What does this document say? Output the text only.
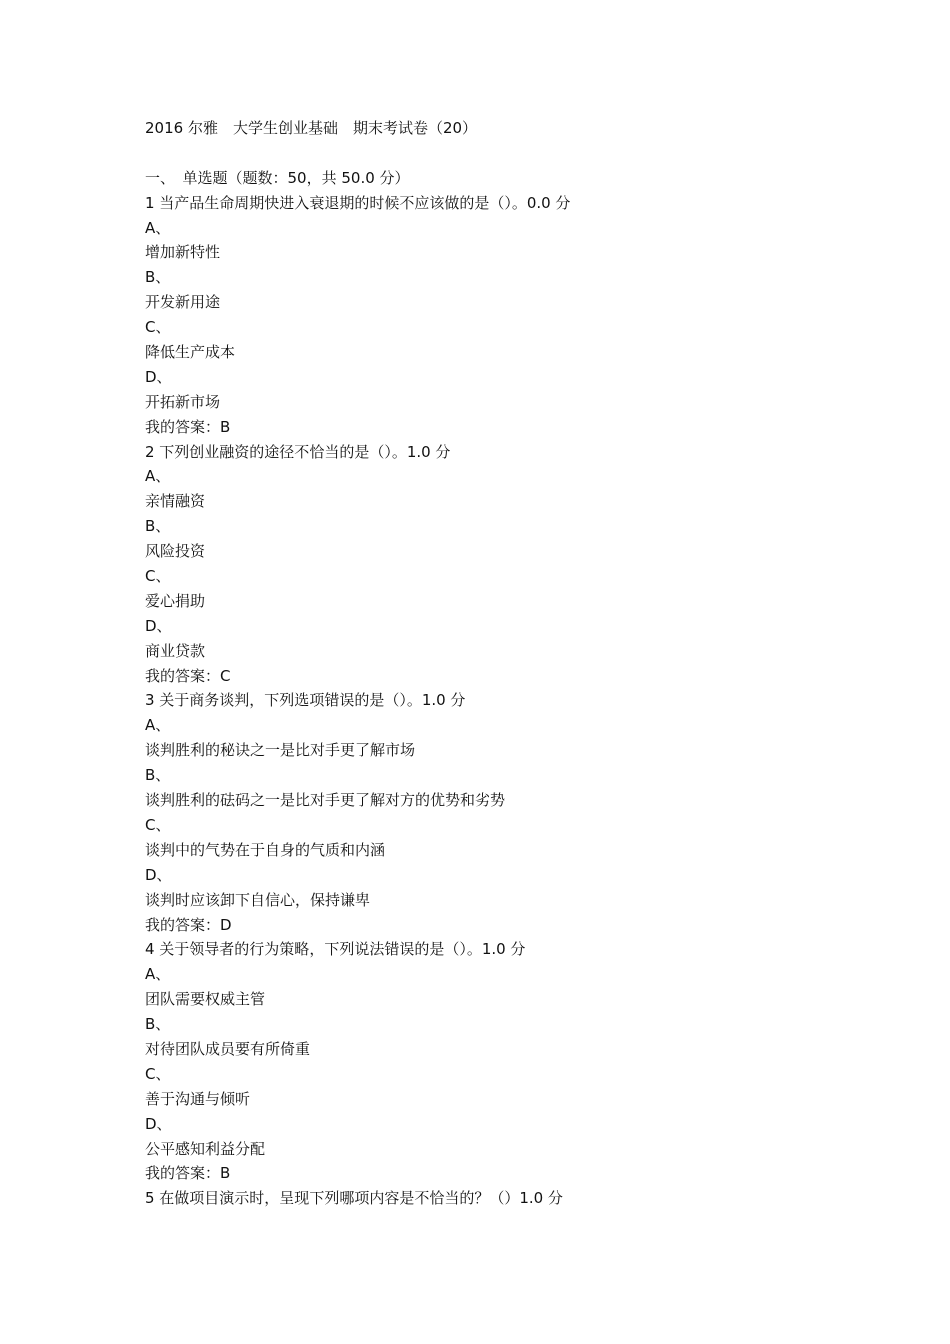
2016 尔雅　大学生创业基础　期末考试卷（20）
一、　单选题（题数：50，共 50.0 分）
1 当产品生命周期快进入衰退期的时候不应该做的是（）。0.0 分
A、
增加新特性
B、
开发新用途
C、
降低生产成本
D、
开拓新市场
我的答案：B
2 下列创业融资的途径不恰当的是（）。1.0 分
A、
亲情融资
B、
风险投资
C、
爱心捐助
D、
商业贷款
我的答案：C
3 关于商务谈判，下列选项错误的是（）。1.0 分
A、
谈判胜利的秘诀之一是比对手更了解市场
B、
谈判胜利的砝码之一是比对手更了解对方的优势和劣势
C、
谈判中的气势在于自身的气质和内涵
D、
谈判时应该卸下自信心，保持谦卑
我的答案：D
4 关于领导者的行为策略，下列说法错误的是（）。1.0 分
A、
团队需要权威主管
B、
对待团队成员要有所倚重
C、
善于沟通与倾听
D、
公平感知利益分配
我的答案：B
5 在做项目演示时，呈现下列哪项内容是不恰当的？（）1.0 分
